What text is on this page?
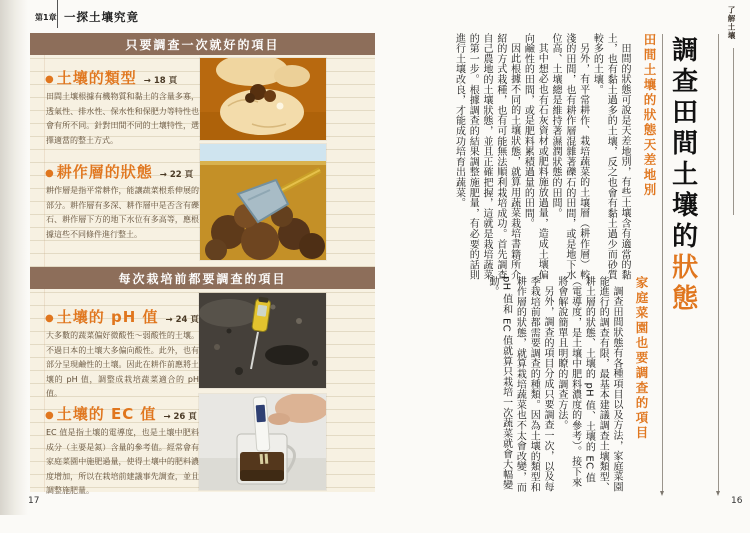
第1章 一探土壤究竟
只要調查一次就好的項目
每次栽培前都要調查的項目
● 土壤的類型 → 18 頁

田間土壤根據有機物質和黏土的含量多寡，透氣性、排水性、保水性和保肥力等特性也會有所不同。針對田間不同的土壤特性，選擇適當的整土方式。

● 耕作層的狀態 → 22 頁

耕作層是指平常耕作，能讓蔬菜根系伸展的部分。耕作層有多深、耕作層中是否含有礫石、耕作層下方的地下水位有多高等，應根據這些不同條件進行整土。

● 土壤的 pH 值 → 24 頁

大多數的蔬菜偏好微酸性～弱酸性的土壤。不過日本的土壤大多偏向酸性。此外，也有部分呈現鹼性的土壤。因此在耕作前應將土壤的 pH 值，調整成栽培蔬菜適合的 pH 值。

● 土壤的 EC 值 → 26 頁

EC 值是指土壤的電導度，也是土壤中肥料成分（主要是氮）含量的參考值。經常會有家庭菜園中施肥過量，使得土壤中的肥料濃度增加，所以在栽培前建議事先調查，並且調整施肥量。

17
了解土壤
調查田間土壤的狀態
田間土壤的狀態天差地別

田間的狀態可說是天差地別，有些土壤含有適當的黏土，也有黏土過多的土壤，反之也會有黏土過少而砂質較多的土壤。

另外，有平常耕作、栽培蔬菜的土壤層（耕作層）較淺的田間，也有耕作層混雜著礫石的田間，或是地下水位高、土壤總是維持著濕潤狀態的田間。

其中想必也有石灰資材或肥料施放過量，造成土壤偏向鹼性的田間，或是肥料累積過量的田間。

因此根據不同的土壤狀態，就算用蔬菜栽培書籍所介紹的方式栽種，也有可能無法順利栽培成功。首先調查自己農地的土壤狀態，並且正確把握，這就是栽培蔬菜的第一步。根據調查的結果調整施肥量，有必要的話則進行土壤改良，才能成功培育出蔬菜。

家庭菜園也要調查的項目

調查田間狀態有各種項目以及方法，家庭菜園能進行的調查有限，最基本建議調查土壤類型、耕土層的狀態、土壤的 pH 值、土壤的 EC 值（電導度，是土壤中肥料濃度的參考）。接下來將會解說簡單且明瞭的調查方法。

另外，調查的項目分成只要調查一次，以及每季栽培前都需要調查的種類。因為土壤的類型和耕作層的狀態，就算栽培蔬菜也不太會改變，而 pH 值和 EC 值就算只栽培一次蔬菜就會大幅變動。

16
